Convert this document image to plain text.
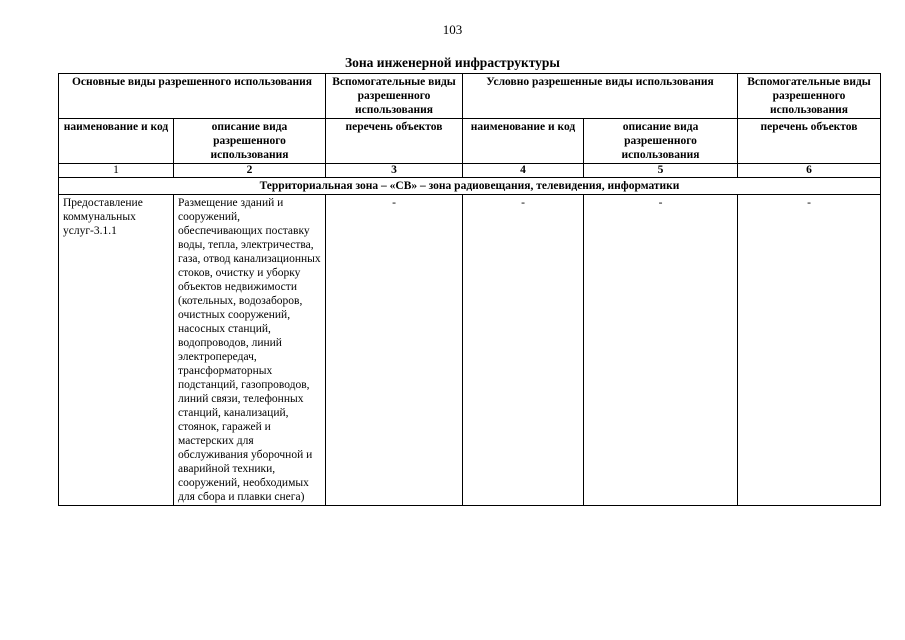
103
Зона инженерной инфраструктуры
Основные виды разрешенного использования		Вспомогательные виды разрешенного использования	Условно разрешенные виды использования		Вспомогательные виды разрешенного использования
наименование и код	описание вида разрешенного использования	перечень объектов	наименование и код	описание вида разрешенного использования	перечень объектов
1	2	3	4	5	6
Территориальная зона – «СВ» – зона радиовещания, телевидения, информатики					
Предоставление коммунальных услуг-3.1.1	Размещение зданий и сооружений, обеспечивающих поставку воды, тепла, электричества, газа, отвод канализационных стоков, очистку и уборку объектов недвижимости (котельных, водозаборов, очистных сооружений, насосных станций, водопроводов, линий электропередач, трансформаторных подстанций, газопроводов, линий связи, телефонных станций, канализаций, стоянок, гаражей и мастерских для обслуживания уборочной и аварийной техники, сооружений, необходимых для сбора и плавки снега)	-	-	-	-
